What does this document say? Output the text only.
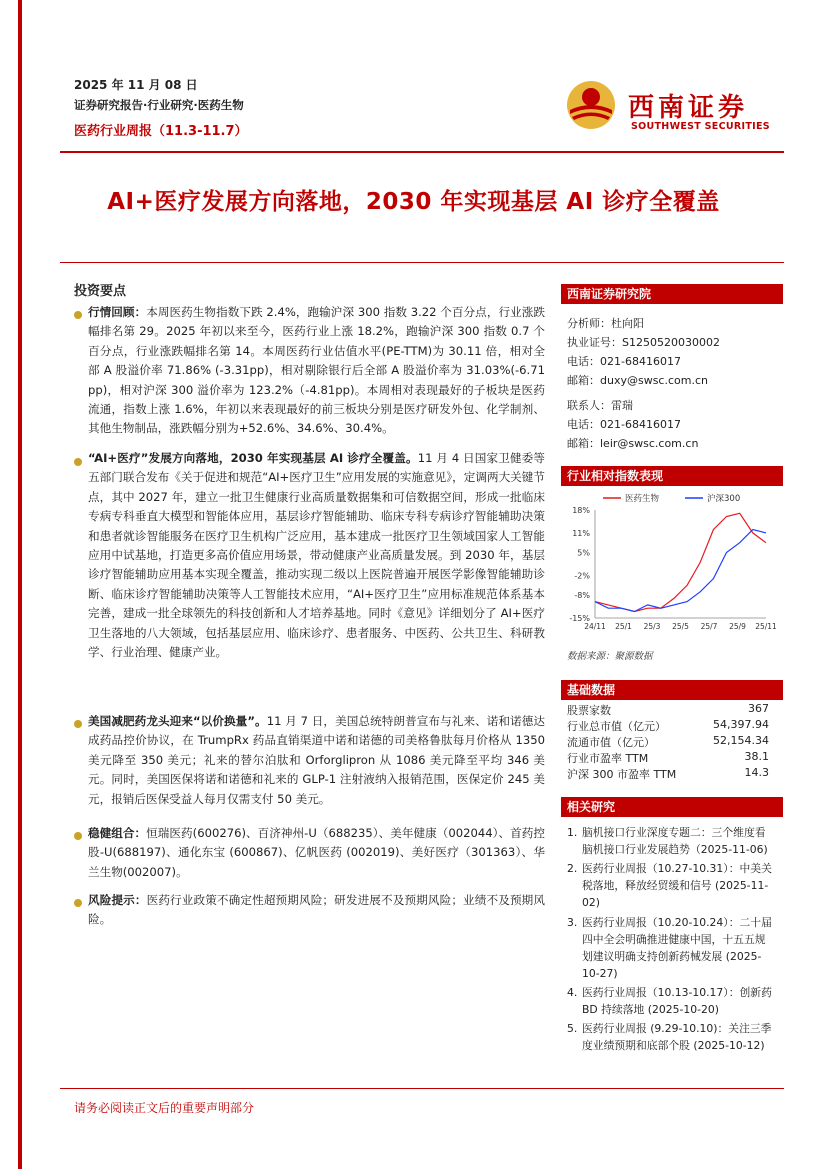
2025 年 11 月 08 日
证券研究报告·行业研究·医药生物
医药行业周报（11.3-11.7）
西南证券
SOUTHWEST SECURITIES
AI+医疗发展方向落地，2030 年实现基层 AI 诊疗全覆盖
投资要点
行情回顾：本周医药生物指数下跌 2.4%，跑输沪深 300 指数 3.22 个百分点，行业涨跌幅排名第 29。2025 年初以来至今，医药行业上涨 18.2%，跑输沪深 300 指数 0.7 个百分点，行业涨跌幅排名第 14。本周医药行业估值水平(PE-TTM)为 30.11 倍，相对全部 A 股溢价率 71.86% (-3.31pp)，相对剔除银行后全部 A 股溢价率为 31.03%(-6.71pp)，相对沪深 300 溢价率为 123.2%（-4.81pp)。本周相对表现最好的子板块是医药流通，指数上涨 1.6%，年初以来表现最好的前三板块分别是医疗研发外包、化学制剂、其他生物制品，涨跌幅分别为+52.6%、34.6%、30.4%。
“AI+医疗”发展方向落地，2030 年实现基层 AI 诊疗全覆盖。11 月 4 日国家卫健委等五部门联合发布《关于促进和规范“AI+医疗卫生”应用发展的实施意见》，定调两大关键节点，其中 2027 年，建立一批卫生健康行业高质量数据集和可信数据空间，形成一批临床专病专科垂直大模型和智能体应用，基层诊疗智能辅助、临床专科专病诊疗智能辅助决策和患者就诊智能服务在医疗卫生机构广泛应用，基本建成一批医疗卫生领域国家人工智能应用中试基地，打造更多高价值应用场景，带动健康产业高质量发展。到 2030 年，基层诊疗智能辅助应用基本实现全覆盖，推动实现二级以上医院普遍开展医学影像智能辅助诊断、临床诊疗智能辅助决策等人工智能技术应用，“AI+医疗卫生”应用标准规范体系基本完善，建成一批全球领先的科技创新和人才培养基地。同时《意见》详细划分了 AI+医疗卫生落地的八大领域，包括基层应用、临床诊疗、患者服务、中医药、公共卫生、科研教学、行业治理、健康产业。
美国减肥药龙头迎来“以价换量”。11 月 7 日，美国总统特朗普宣布与礼来、诺和诺德达成药品控价协议，在 TrumpRx 药品直销渠道中诺和诺德的司美格鲁肽每月价格从 1350 美元降至 350 美元；礼来的替尔泊肽和 Orforglipron 从 1086 美元降至平均 346 美元。同时，美国医保将诺和诺德和礼来的 GLP-1 注射液纳入报销范围，医保定价 245 美元，报销后医保受益人每月仅需支付 50 美元。
稳健组合：恒瑞医药(600276)、百济神州-U（688235）、美年健康（002044）、首药控股-U(688197)、通化东宝 (600867)、亿帆医药 (002019)、美好医疗（301363）、华兰生物(002007)。
风险提示：医药行业政策不确定性超预期风险；研发进展不及预期风险；业绩不及预期风险。
西南证券研究院
分析师：杜向阳
执业证号：S1250520030002
电话：021-68416017
邮箱：duxy@swsc.com.cn
联系人：雷瑞
电话：021-68416017
邮箱：leir@swsc.com.cn
行业相对指数表现
18%
11%
5%
-2%
-8%
-15%
24/11 25/1 25/3 25/5 25/7 25/9 25/11
医药生物	沪深300
数据来源：聚源数据
基础数据
股票家数	367
行业总市值（亿元）	54,397.94
流通市值（亿元）	52,154.34
行业市盈率 TTM	38.1
沪深 300 市盈率 TTM	14.3
相关研究
1. 脑机接口行业深度专题二：三个维度看脑机接口行业发展趋势（2025-11-06)
2. 医药行业周报（10.27-10.31）：中美关税落地，释放经贸缓和信号 (2025-11-02)
3. 医药行业周报（10.20-10.24）：二十届四中全会明确推进健康中国，十五五规划建议明确支持创新药械发展 (2025-10-27)
4. 医药行业周报（10.13-10.17）：创新药 BD 持续落地 (2025-10-20)
5. 医药行业周报 (9.29-10.10)：关注三季度业绩预期和底部个股 (2025-10-12)
请务必阅读正文后的重要声明部分
